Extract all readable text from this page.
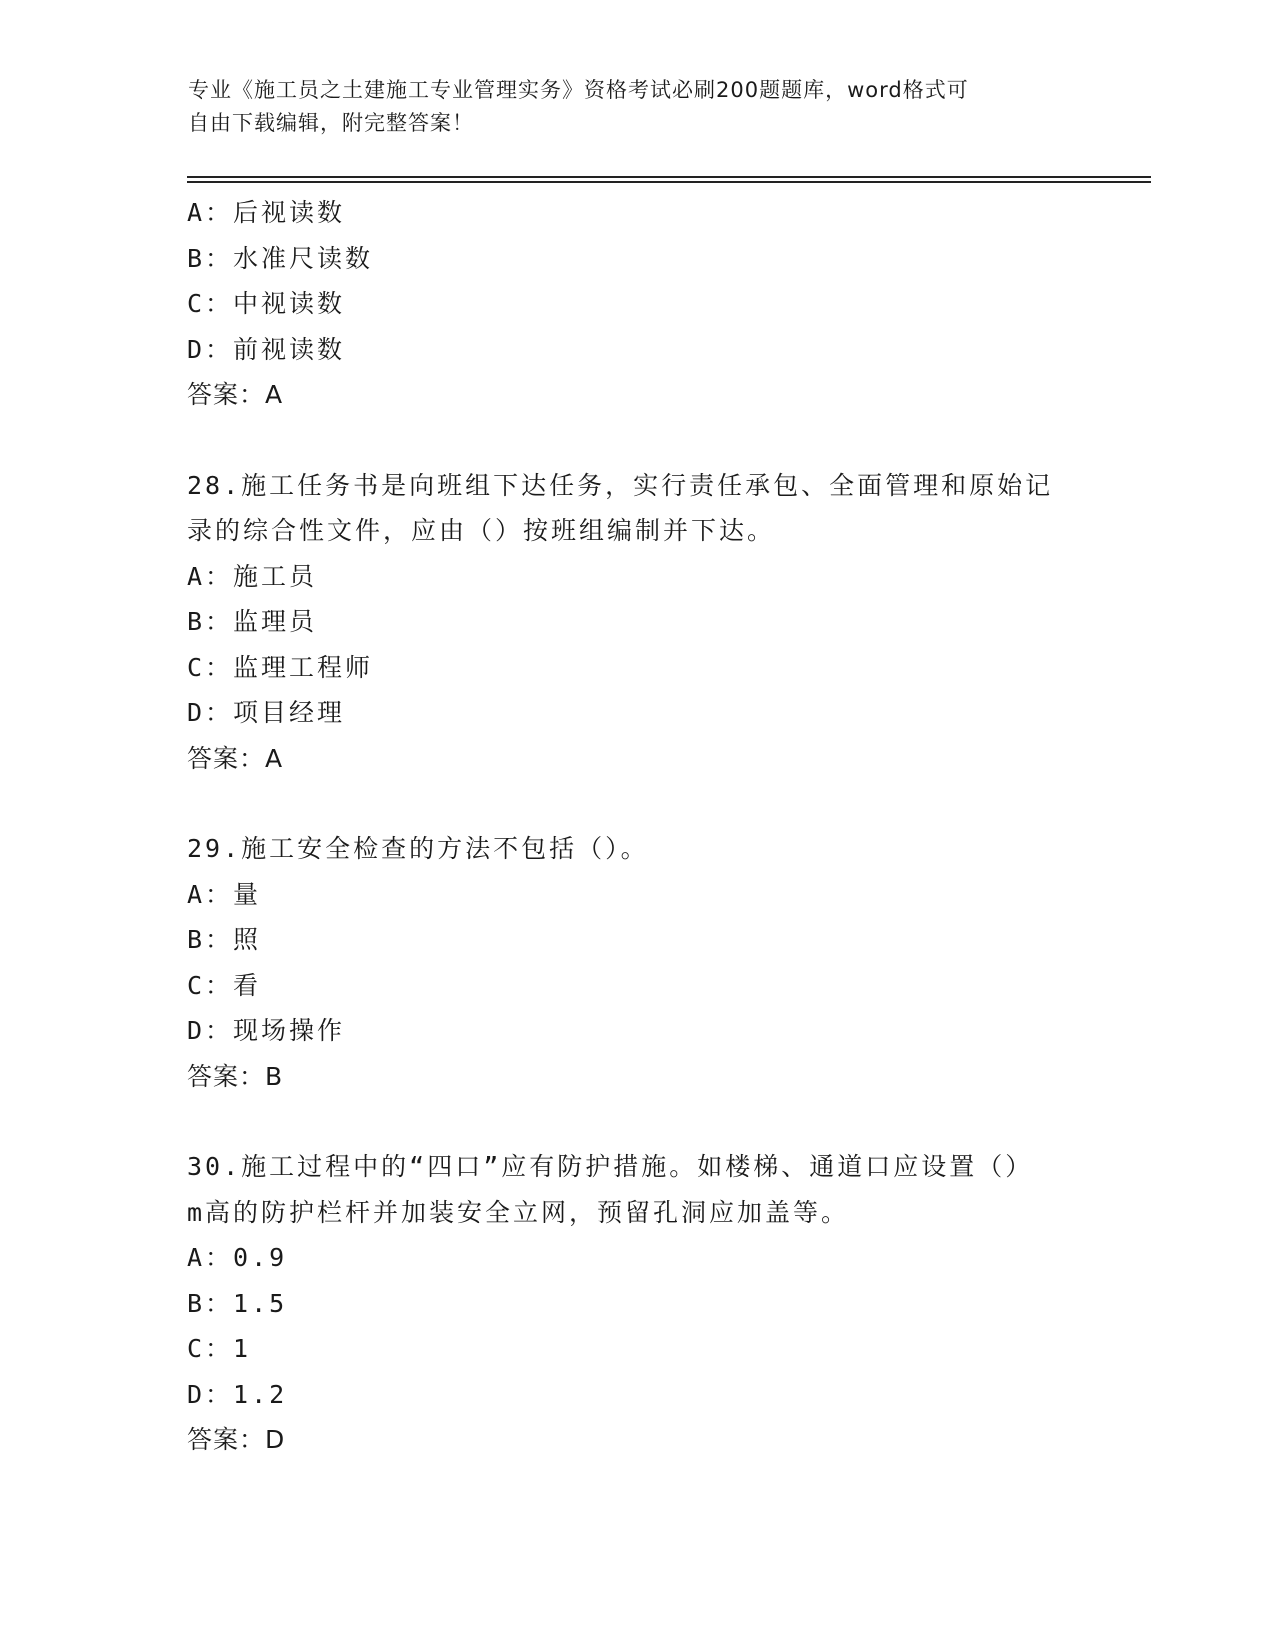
专业《施工员之土建施工专业管理实务》资格考试必刷200题题库，word格式可
自由下载编辑，附完整答案！
A：后视读数
B：水准尺读数
C：中视读数
D：前视读数
答案：A
28.施工任务书是向班组下达任务，实行责任承包、全面管理和原始记
录的综合性文件，应由（）按班组编制并下达。
A：施工员
B：监理员
C：监理工程师
D：项目经理
答案：A
29.施工安全检查的方法不包括（）。
A：量
B：照
C：看
D：现场操作
答案：B
30.施工过程中的“四口”应有防护措施。如楼梯、通道口应设置（）
m高的防护栏杆并加装安全立网，预留孔洞应加盖等。
A：0.9
B：1.5
C：1
D：1.2
答案：D
